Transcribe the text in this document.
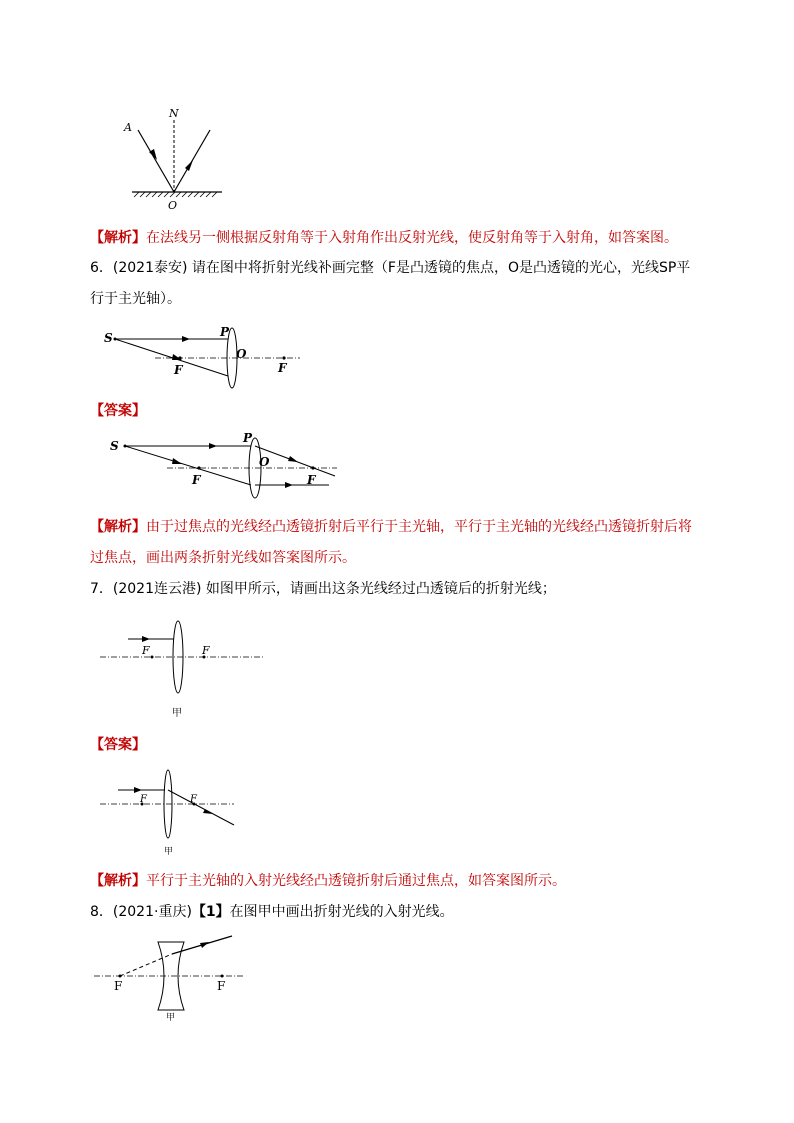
A
N
O
【解析】在法线另一侧根据反射角等于入射角作出反射光线，使反射角等于入射角，如答案图。
6．(2021泰安) 请在图中将折射光线补画完整（F是凸透镜的焦点，O是凸透镜的光心，光线SP平
行于主光轴）。
S	P
O
F	F
【答案】
S
P
O
F	F
【解析】由于过焦点的光线经凸透镜折射后平行于主光轴，平行于主光轴的光线经凸透镜折射后将
过焦点，画出两条折射光线如答案图所示。
7．(2021连云港) 如图甲所示，请画出这条光线经过凸透镜后的折射光线；
F	F
甲
【答案】
F	F
甲
【解析】平行于主光轴的入射光线经凸透镜折射后通过焦点，如答案图所示。
8．(2021·重庆)【1】在图甲中画出折射光线的入射光线。
F	F
甲
